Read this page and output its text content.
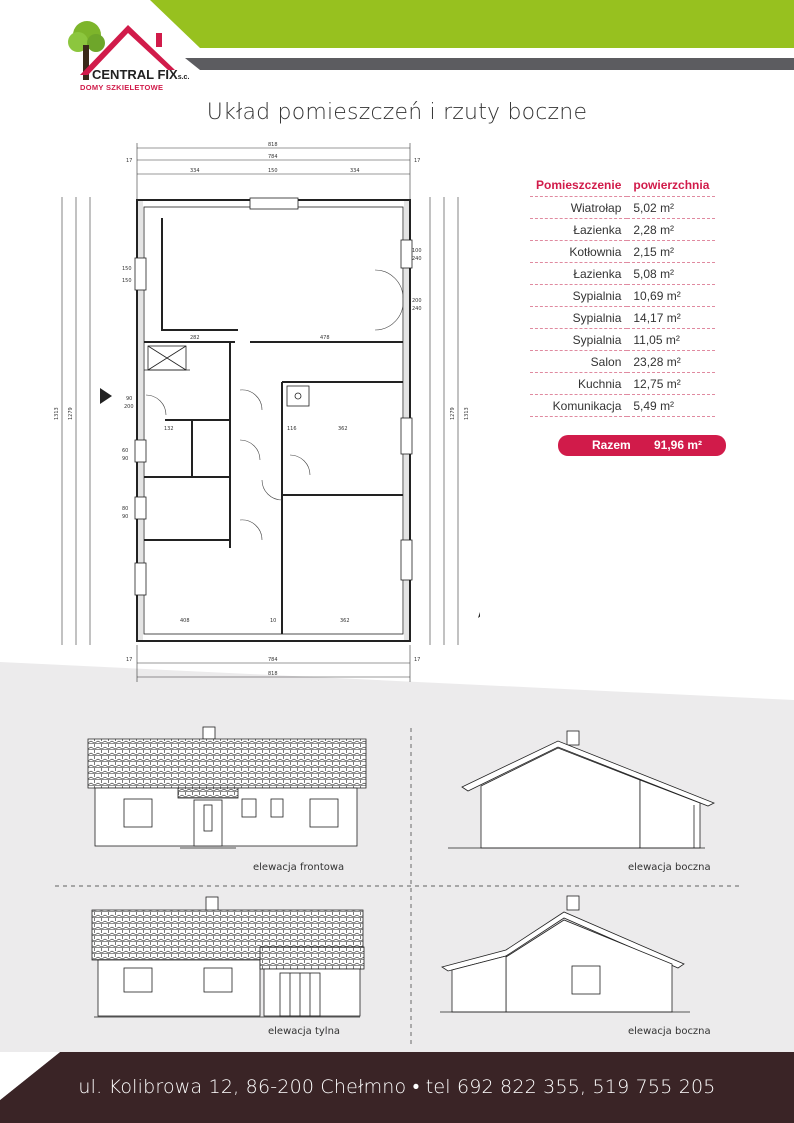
CENTRAL FIXs.c.
DOMY SZKIELETOWE
Układ pomieszczeń i rzuty boczne
818
784
17	17
334	150	334
784
818
17	17
1313 1279	1279 1313
282	478
362
408	362
116
132
10
150
150
90
200
200
240
100
240
60
90
80
90
Pomieszczenie	powierzchnia
Wiatrołap	5,02 m²
Łazienka	2,28 m²
Kotłownia	2,15 m²
Łazienka	5,08 m²
Sypialnia	10,69 m²
Sypialnia	14,17 m²
Sypialnia	11,05 m²
Salon	23,28 m²
Kuchnia	12,75 m²
Komunikacja	5,49 m²
Razem 91,96 m²
elewacja frontowa	elewacja boczna
elewacja tylna	elewacja boczna
ul. Kolibrowa 12, 86-200 Chełmno • tel 692 822 355, 519 755 205
